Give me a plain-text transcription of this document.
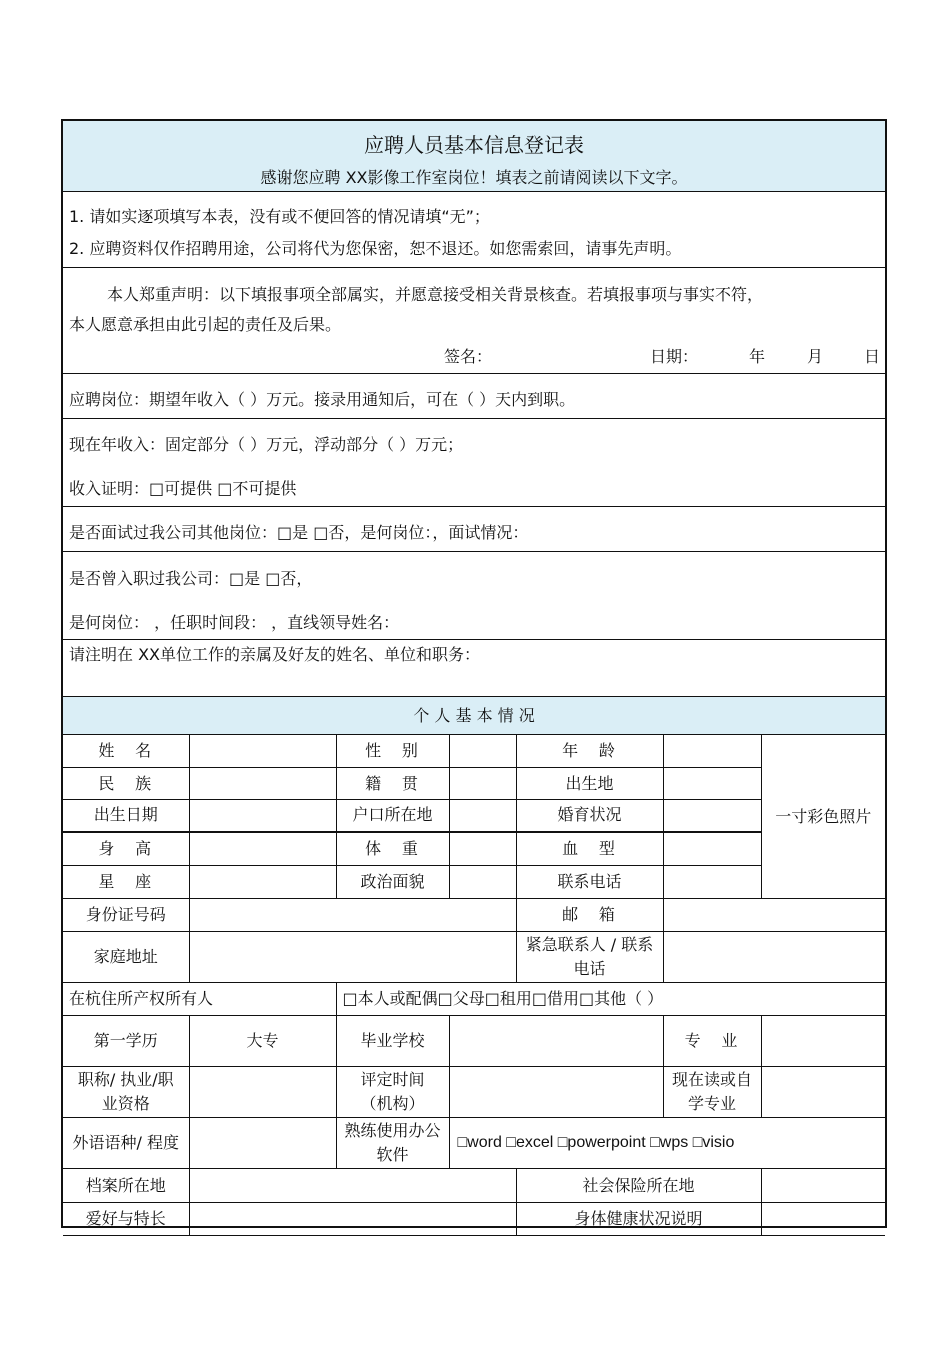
应聘人员基本信息登记表
感谢您应聘 XX影像工作室岗位！填表之前请阅读以下文字。
1. 请如实逐项填写本表，没有或不便回答的情况请填“无”；
2. 应聘资料仅作招聘用途，公司将代为您保密，恕不退还。如您需索回，请事先声明。
本人郑重声明：以下填报事项全部属实，并愿意接受相关背景核查。若填报事项与事实不符，
本人愿意承担由此引起的责任及后果。
签名：	日期：	年	月	日
应聘岗位：期望年收入（ ）万元。接录用通知后，可在（ ）天内到职。
现在年收入：固定部分（ ）万元，浮动部分（ ）万元；
收入证明：□可提供 □不可提供
是否面试过我公司其他岗位：□是 □否，是何岗位：，面试情况：
是否曾入职过我公司：□是 □否，
是何岗位： ，任职时间段： ，直线领导姓名：
请注明在 XX单位工作的亲属及好友的姓名、单位和职务：
个 人 基 本 情 况						
姓名		性别		年龄		一寸彩色照片
民族		籍贯		出生地		
出生日期		户口所在地		婚育状况		
身高		体重		血型		
星座		政治面貌		联系电话		
身份证号码				邮箱		
家庭地址				紧急联系人 / 联系电话		
在杭住所产权所有人		□本人或配偶□父母□租用□借用□其他（ ）				
第一学历	大专	毕业学校			专业	
职称/ 执业/职业资格		评定时间（机构）			现在读或自学专业	
外语语种/ 程度		熟练使用办公软件	□word □excel □powerpoint □wps □visio			
档案所在地				社会保险所在地		
爱好与特长				身体健康状况说明		
